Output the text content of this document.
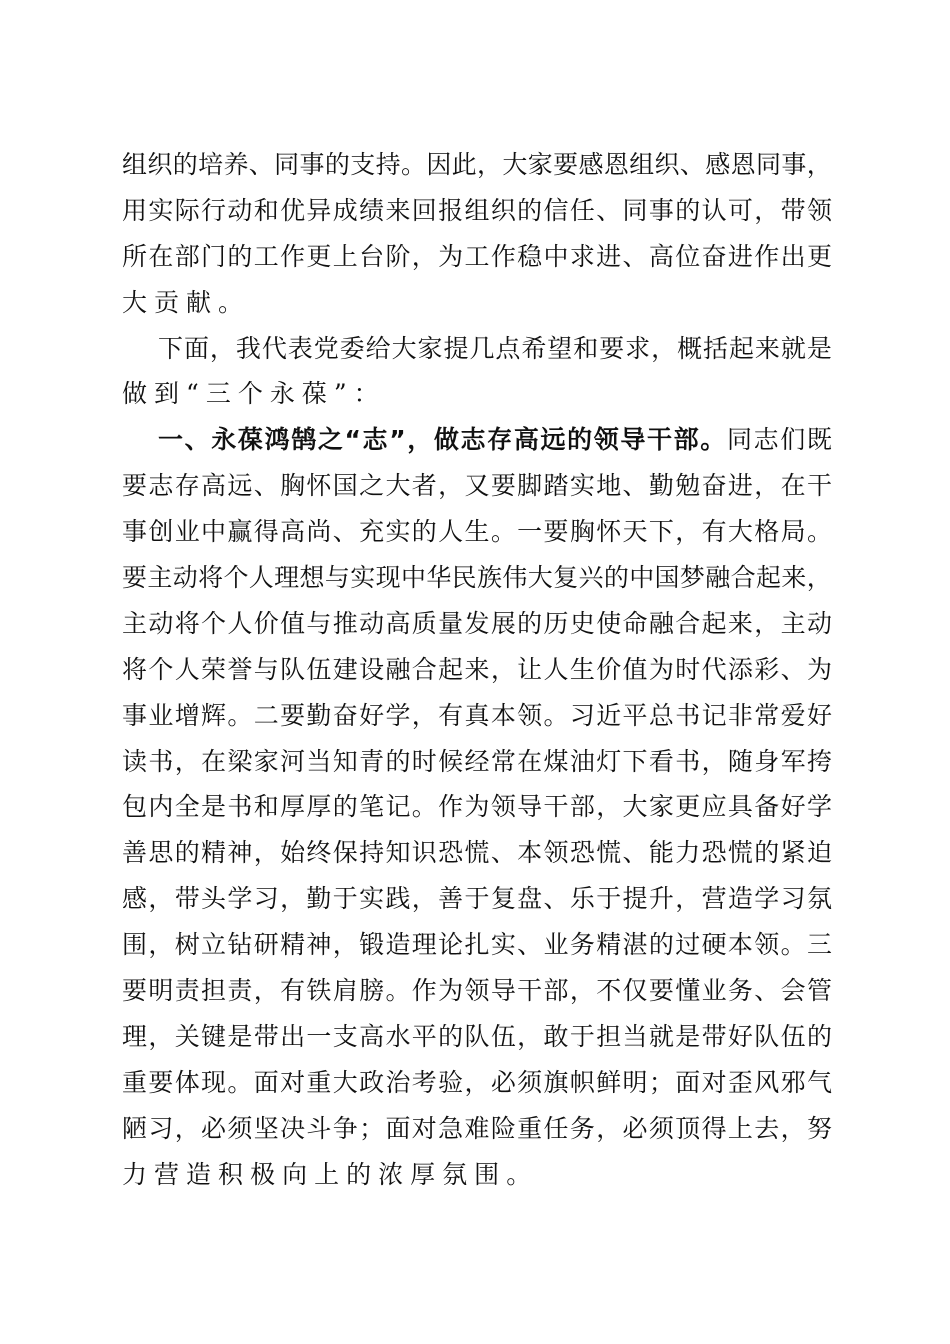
组 织 的 培 养 、 同 事 的 支 持 。 因 此 ， 大 家 要 感 恩 组 织 、 感 恩 同 事 ，
用 实 际 行 动 和 优 异 成 绩 来 回 报 组 织 的 信 任 、 同 事 的 认 可 ， 带 领
所 在 部 门 的 工 作 更 上 台 阶 ， 为 工 作 稳 中 求 进 、 高 位 奋 进 作 出 更
大 贡 献 。
下 面 ， 我 代 表 党 委 给 大 家 提 几 点 希 望 和 要 求 ， 概 括 起 来 就 是
做 到 “ 三 个 永 葆 ” ：
一 、 永 葆 鸿 鹄 之 “ 志 ” ， 做 志 存 高 远 的 领 导 干 部 。 同 志 们 既
要 志 存 高 远 、 胸 怀 国 之 大 者 ， 又 要 脚 踏 实 地 、 勤 勉 奋 进 ， 在 干
事 创 业 中 赢 得 高 尚 、 充 实 的 人 生 。 一 要 胸 怀 天 下 ， 有 大 格 局 。
要 主 动 将 个 人 理 想 与 实 现 中 华 民 族 伟 大 复 兴 的 中 国 梦 融 合 起 来 ，
主 动 将 个 人 价 值 与 推 动 高 质 量 发 展 的 历 史 使 命 融 合 起 来 ， 主 动
将 个 人 荣 誉 与 队 伍 建 设 融 合 起 来 ， 让 人 生 价 值 为 时 代 添 彩 、 为
事 业 增 辉 。 二 要 勤 奋 好 学 ， 有 真 本 领 。 习 近 平 总 书 记 非 常 爱 好
读 书 ， 在 梁 家 河 当 知 青 的 时 候 经 常 在 煤 油 灯 下 看 书 ， 随 身 军 挎
包 内 全 是 书 和 厚 厚 的 笔 记 。 作 为 领 导 干 部 ， 大 家 更 应 具 备 好 学
善 思 的 精 神 ， 始 终 保 持 知 识 恐 慌 、 本 领 恐 慌 、 能 力 恐 慌 的 紧 迫
感 ， 带 头 学 习 ， 勤 于 实 践 ， 善 于 复 盘 、 乐 于 提 升 ， 营 造 学 习 氛
围 ， 树 立 钻 研 精 神 ， 锻 造 理 论 扎 实 、 业 务 精 湛 的 过 硬 本 领 。 三
要 明 责 担 责 ， 有 铁 肩 膀 。 作 为 领 导 干 部 ， 不 仅 要 懂 业 务 、 会 管
理 ， 关 键 是 带 出 一 支 高 水 平 的 队 伍 ， 敢 于 担 当 就 是 带 好 队 伍 的
重 要 体 现 。 面 对 重 大 政 治 考 验 ， 必 须 旗 帜 鲜 明 ； 面 对 歪 风 邪 气
陋 习 ， 必 须 坚 决 斗 争 ； 面 对 急 难 险 重 任 务 ， 必 须 顶 得 上 去 ， 努
力 营 造 积 极 向 上 的 浓 厚 氛 围 。
